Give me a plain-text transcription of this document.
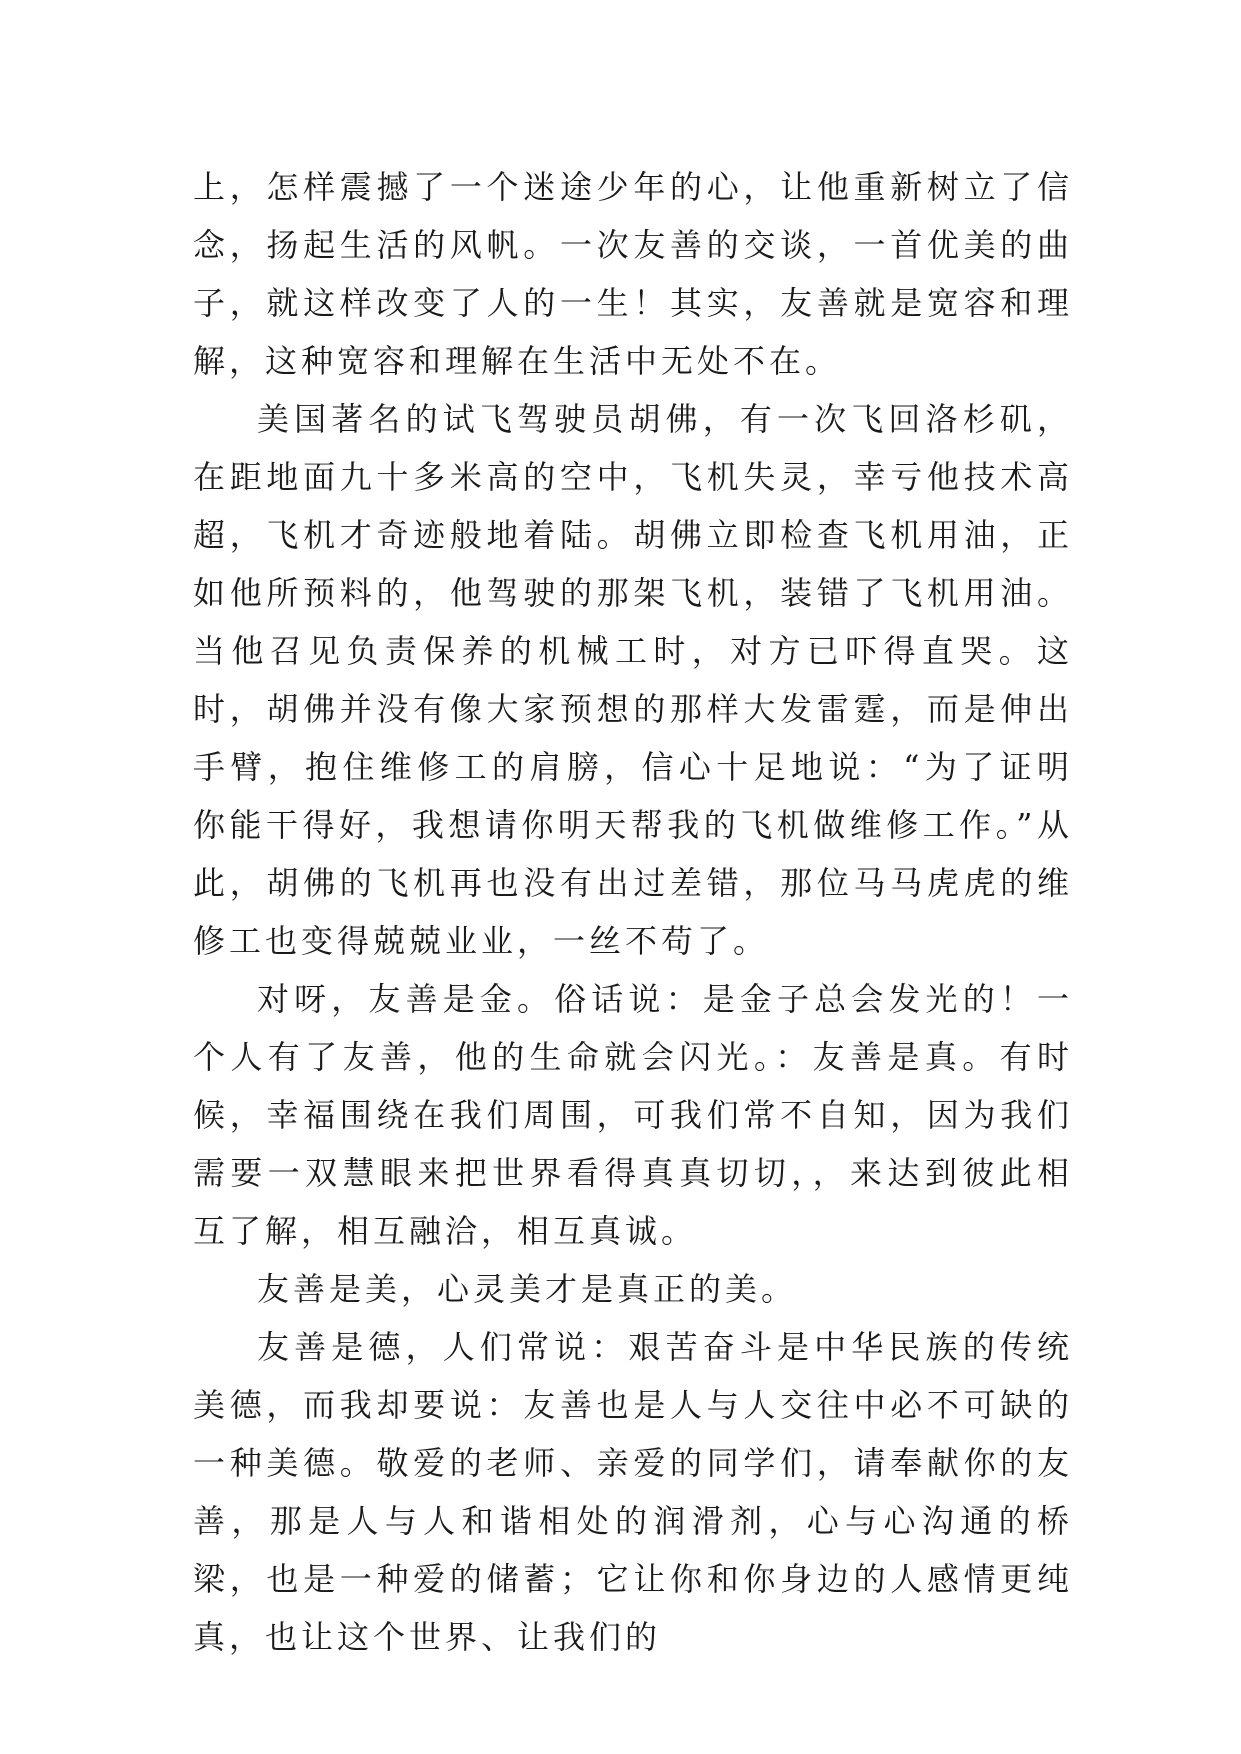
上，怎样震撼了一个迷途少年的心，让他重新树立了信念，扬起生活的风帆。一次友善的交谈，一首优美的曲子，就这样改变了人的一生！其实，友善就是宽容和理解，这种宽容和理解在生活中无处不在。

美国著名的试飞驾驶员胡佛，有一次飞回洛杉矶，在距地面九十多米高的空中，飞机失灵，幸亏他技术高超，飞机才奇迹般地着陆。胡佛立即检查飞机用油，正如他所预料的，他驾驶的那架飞机，装错了飞机用油。当他召见负责保养的机械工时，对方已吓得直哭。这时，胡佛并没有像大家预想的那样大发雷霆，而是伸出手臂，抱住维修工的肩膀，信心十足地说：“为了证明你能干得好，我想请你明天帮我的飞机做维修工作。”从此，胡佛的飞机再也没有出过差错，那位马马虎虎的维修工也变得兢兢业业，一丝不苟了。

对呀，友善是金。俗话说：是金子总会发光的！一个人有了友善，他的生命就会闪光。：友善是真。有时候，幸福围绕在我们周围，可我们常不自知，因为我们需要一双慧眼来把世界看得真真切切，，来达到彼此相互了解，相互融洽，相互真诚。

友善是美，心灵美才是真正的美。

友善是德，人们常说：艰苦奋斗是中华民族的传统美德，而我却要说：友善也是人与人交往中必不可缺的一种美德。敬爱的老师、亲爱的同学们，请奉献你的友善，那是人与人和谐相处的润滑剂，心与心沟通的桥梁，也是一种爱的储蓄；它让你和你身边的人感情更纯真，也让这个世界、让我们的
